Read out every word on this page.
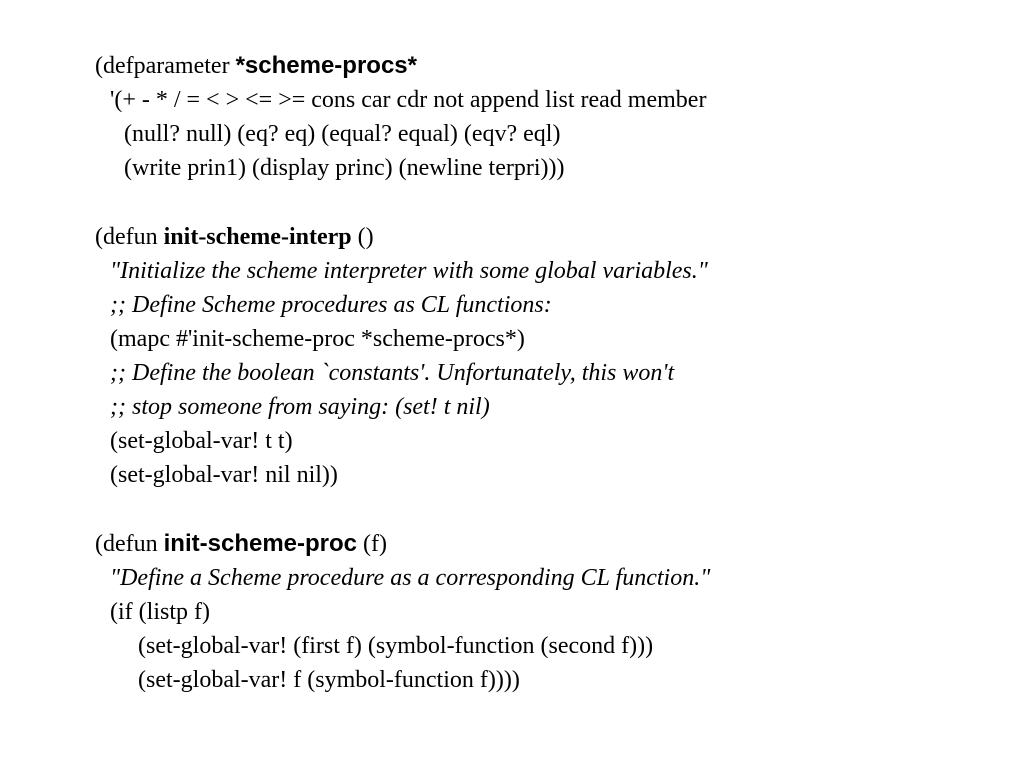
(defparameter *scheme-procs*
'(+ - * / = < > <= >= cons car cdr not append list read member
(null? null) (eq? eq) (equal? equal) (eqv? eql)
(write prin1) (display princ) (newline terpri)))
(defun init-scheme-interp ()
"Initialize the scheme interpreter with some global variables."
;; Define Scheme procedures as CL functions:
(mapc #'init-scheme-proc *scheme-procs*)
;; Define the boolean `constants'. Unfortunately, this won't
;; stop someone from saying: (set! t nil)
(set-global-var! t t)
(set-global-var! nil nil))
(defun init-scheme-proc (f)
"Define a Scheme procedure as a corresponding CL function."
(if (listp f)
(set-global-var! (first f) (symbol-function (second f)))
(set-global-var! f (symbol-function f))))
